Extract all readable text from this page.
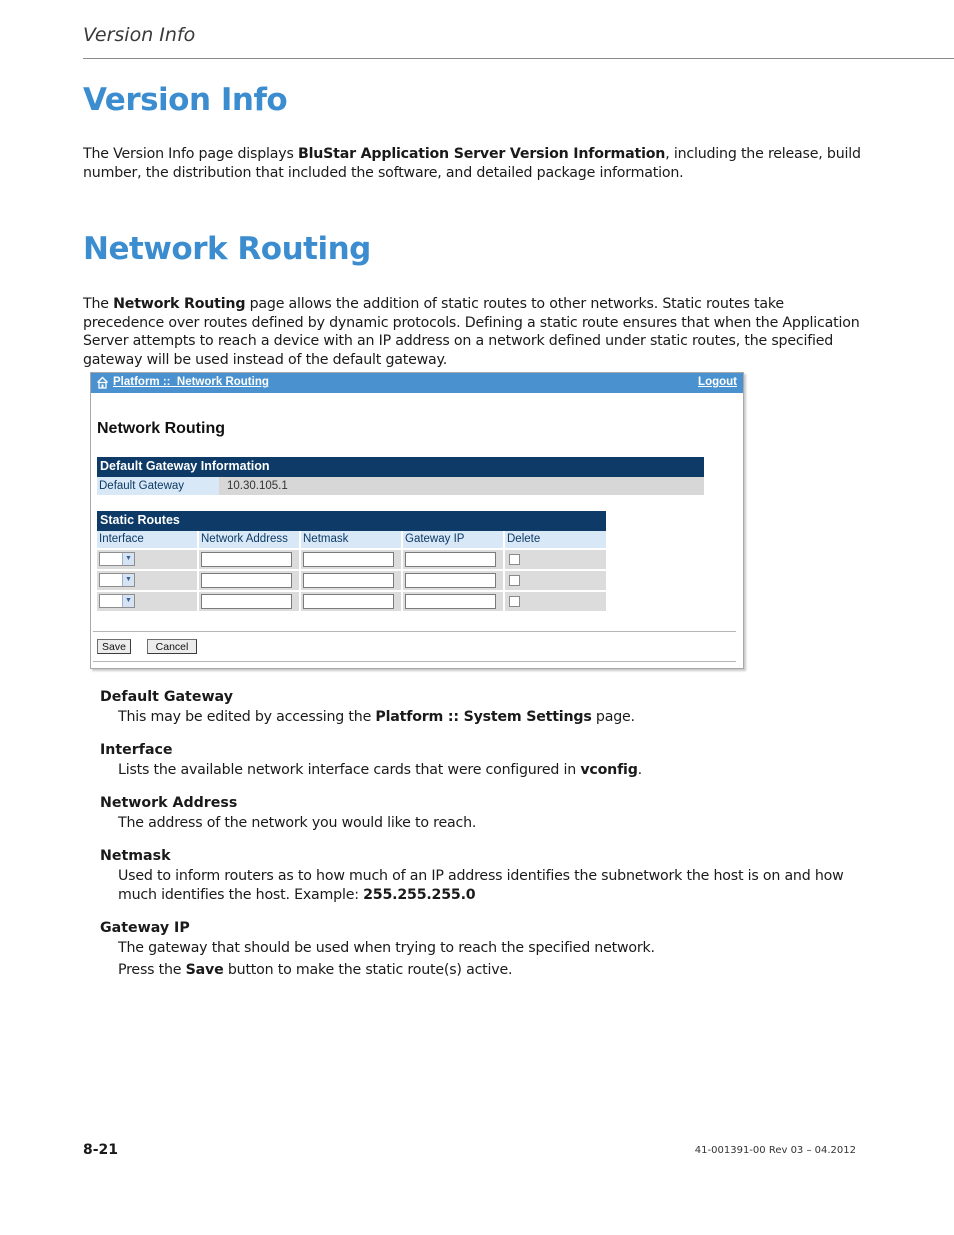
Version Info
Version Info
The Version Info page displays BluStar Application Server Version Information, including the release, build number, the distribution that included the software, and detailed package information.
Network Routing
The Network Routing page allows the addition of static routes to other networks. Static routes take precedence over routes defined by dynamic protocols. Defining a static route ensures that when the Application Server attempts to reach a device with an IP address on a network defined under static routes, the specified gateway will be used instead of the default gateway.
Platform ::  Network Routing	Logout
Network Routing
Default Gateway Information
Default Gateway	10.30.105.1
Static Routes
Interface	Network Address	Netmask	Gateway IP	Delete
▼
▼
▼
Save	Cancel
Default Gateway
This may be edited by accessing the Platform :: System Settings page.
Interface
Lists the available network interface cards that were configured in vconfig.
Network Address
The address of the network you would like to reach.
Netmask
Used to inform routers as to how much of an IP address identifies the subnetwork the host is on and how much identifies the host. Example: 255.255.255.0
Gateway IP
The gateway that should be used when trying to reach the specified network.
Press the Save button to make the static route(s) active.
8-21	41-001391-00 Rev 03 – 04.2012
